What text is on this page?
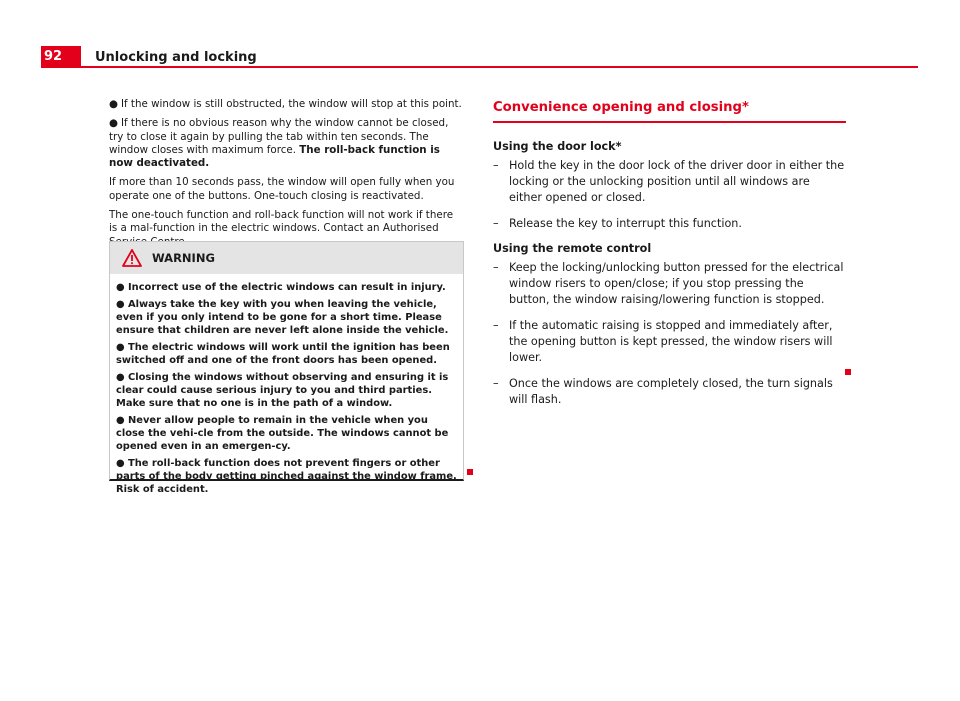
92	Unlocking and locking

● If the window is still obstructed, the window will stop at this point.

● If there is no obvious reason why the window cannot be closed, try to close it again by pulling the tab within ten seconds. The window closes with maximum force. The roll-back function is now deactivated.

If more than 10 seconds pass, the window will open fully when you operate one of the buttons. One-touch closing is reactivated.

The one-touch function and roll-back function will not work if there is a mal-function in the electric windows. Contact an Authorised

WARNING

● Incorrect use of the electric windows can result in injury.

● Always take the key with you when leaving the vehicle, even if you only intend to be gone for a short time. Please ensure that children are never left alone inside the vehicle.

● The electric windows will work until the ignition has been switched off and one of the front doors has been opened.

● Closing the windows without observing and ensuring it is clear could cause serious injury to you and third parties. Make sure that no one is in the path of a window.

● Never allow people to remain in the vehicle when you close the vehi-cle from the outside. The windows cannot be opened even in an emergen-cy.

● The roll-back function does not prevent fingers or other parts of the body getting pinched against the window frame. Risk of accident.

Convenience opening and closing*
Using the door lock*
– Hold the key in the door lock of the driver door in either the locking or the unlocking position until all windows are either opened or closed.
– Release the key to interrupt this function.
Using the remote control
– Keep the locking/unlocking button pressed for the electrical window risers to open/close; if you stop pressing the button, the window raising/lowering function is stopped.
– If the automatic raising is stopped and immediately after, the opening button is kept pressed, the window risers will lower.
– Once the windows are completely closed, the turn signals will flash.
